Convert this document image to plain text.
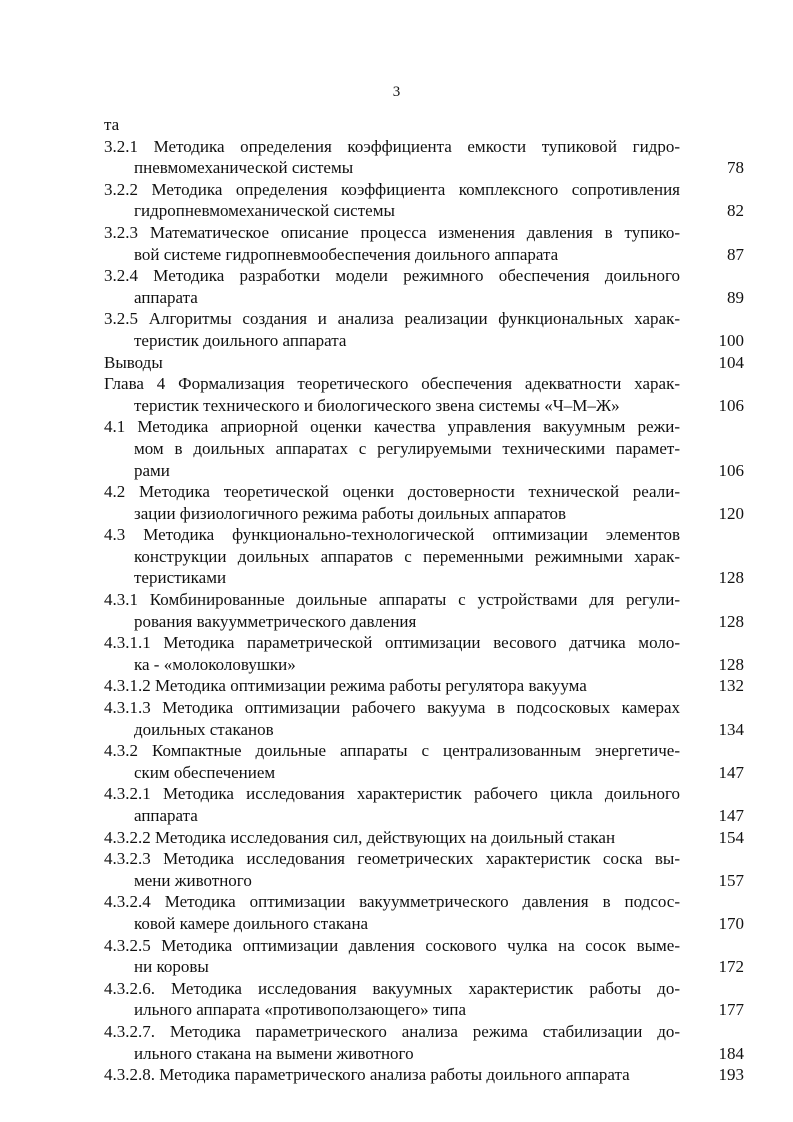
3
та
3.2.1 Методика определения коэффициента емкости тупиковой гидро-
пневмомеханической системы	78
3.2.2 Методика определения коэффициента комплексного сопротивления
гидропневмомеханической системы	82
3.2.3 Математическое описание процесса изменения давления в тупико-
вой системе гидропневмообеспечения доильного аппарата	87
3.2.4 Методика разработки модели режимного обеспечения доильного
аппарата	89
3.2.5 Алгоритмы создания и анализа реализации функциональных харак-
теристик доильного аппарата	100
Выводы	104
Глава 4 Формализация теоретического обеспечения адекватности харак-
теристик технического и биологического звена системы «Ч–М–Ж»	106
4.1 Методика априорной оценки качества управления вакуумным режи-
мом в доильных аппаратах с регулируемыми техническими парамет-
рами	106
4.2 Методика теоретической оценки достоверности технической реали-
зации физиологичного режима работы доильных аппаратов	120
4.3 Методика функционально-технологической оптимизации элементов
конструкции доильных аппаратов с переменными режимными харак-
теристиками	128
4.3.1 Комбинированные доильные аппараты с устройствами для регули-
рования вакуумметрического давления	128
4.3.1.1 Методика параметрической оптимизации весового датчика моло-
ка - «молоколовушки»	128
4.3.1.2 Методика оптимизации режима работы регулятора вакуума	132
4.3.1.3 Методика оптимизации рабочего вакуума в подсосковых камерах
доильных стаканов	134
4.3.2 Компактные доильные аппараты с централизованным энергетиче-
ским обеспечением	147
4.3.2.1 Методика исследования характеристик рабочего цикла доильного
аппарата	147
4.3.2.2 Методика исследования сил, действующих на доильный стакан	154
4.3.2.3 Методика исследования геометрических характеристик соска вы-
мени животного	157
4.3.2.4 Методика оптимизации вакуумметрического давления в подсос-
ковой камере доильного стакана	170
4.3.2.5 Методика оптимизации давления соскового чулка на сосок выме-
ни коровы	172
4.3.2.6. Методика исследования вакуумных характеристик работы до-
ильного аппарата «противоползающего» типа	177
4.3.2.7. Методика параметрического анализа режима стабилизации до-
ильного стакана на вымени животного	184
4.3.2.8. Методика параметрического анализа работы доильного аппарата	193
